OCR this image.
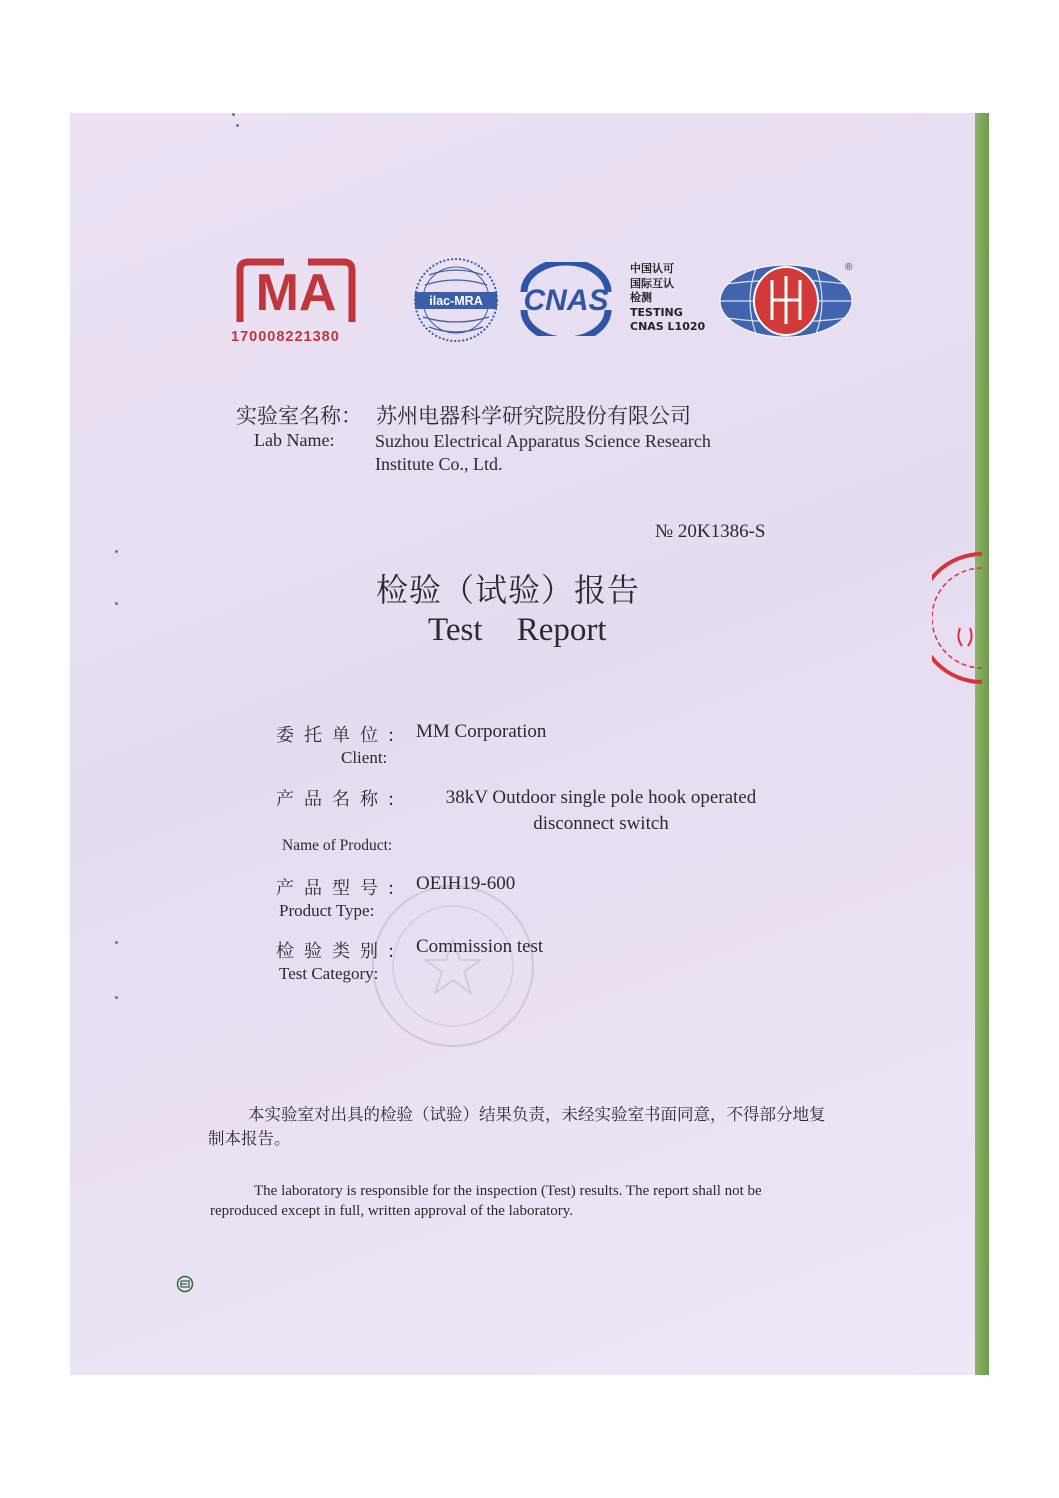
MA
170008221380
ilac-MRA CNAS
中国认可
国际互认
检测
TESTING
CNAS L1020
®
实验室名称： 苏州电器科学研究院股份有限公司
Lab Name: Suzhou Electrical Apparatus Science Research Institute Co., Ltd.
№ 20K1386-S
检验（试验）报告
Test Report
委托单位: MM Corporation
Client:
产品名称:	38kV Outdoor single pole hook operated
disconnect switch
Name of Product:
产品型号: OEIH19-600
Product Type:
检验类别: Commission test
Test Category:
本实验室对出具的检验（试验）结果负责，未经实验室书面同意，不得部分地复制本报告。
The laboratory is responsible for the inspection (Test) results. The report shall not be reproduced except in full, written approval of the laboratory.
